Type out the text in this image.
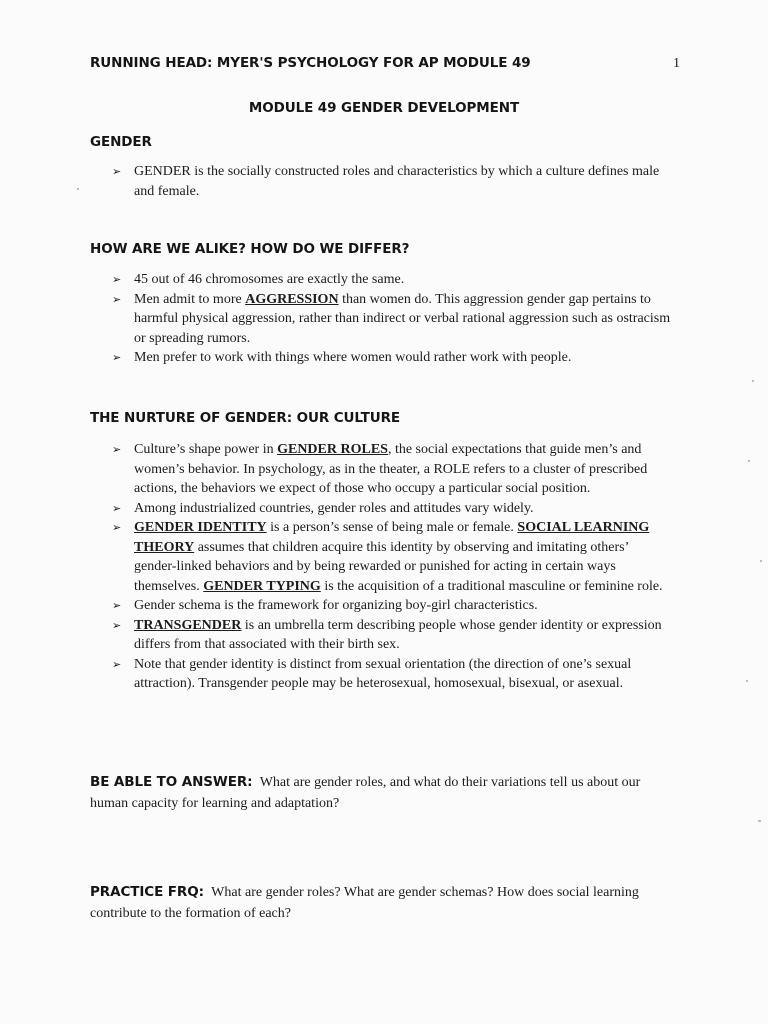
RUNNING HEAD: MYER'S PSYCHOLOGY FOR AP MODULE 49	1
MODULE 49 GENDER DEVELOPMENT
GENDER
➢ GENDER is the socially constructed roles and characteristics by which a culture defines male and female.
HOW ARE WE ALIKE? HOW DO WE DIFFER?
➢ 45 out of 46 chromosomes are exactly the same.
➢ Men admit to more AGGRESSION than women do. This aggression gender gap pertains to harmful physical aggression, rather than indirect or verbal rational aggression such as ostracism or spreading rumors.
➢ Men prefer to work with things where women would rather work with people.
THE NURTURE OF GENDER: OUR CULTURE
➢ Culture’s shape power in GENDER ROLES, the social expectations that guide men’s and women’s behavior. In psychology, as in the theater, a ROLE refers to a cluster of prescribed actions, the behaviors we expect of those who occupy a particular social position.
➢ Among industrialized countries, gender roles and attitudes vary widely.
➢ GENDER IDENTITY is a person’s sense of being male or female. SOCIAL LEARNING THEORY assumes that children acquire this identity by observing and imitating others’ gender-linked behaviors and by being rewarded or punished for acting in certain ways themselves. GENDER TYPING is the acquisition of a traditional masculine or feminine role.
➢ Gender schema is the framework for organizing boy-girl characteristics.
➢ TRANSGENDER is an umbrella term describing people whose gender identity or expression differs from that associated with their birth sex.
➢ Note that gender identity is distinct from sexual orientation (the direction of one’s sexual attraction). Transgender people may be heterosexual, homosexual, bisexual, or asexual.
BE ABLE TO ANSWER: What are gender roles, and what do their variations tell us about our human capacity for learning and adaptation?
PRACTICE FRQ: What are gender roles? What are gender schemas? How does social learning contribute to the formation of each?
